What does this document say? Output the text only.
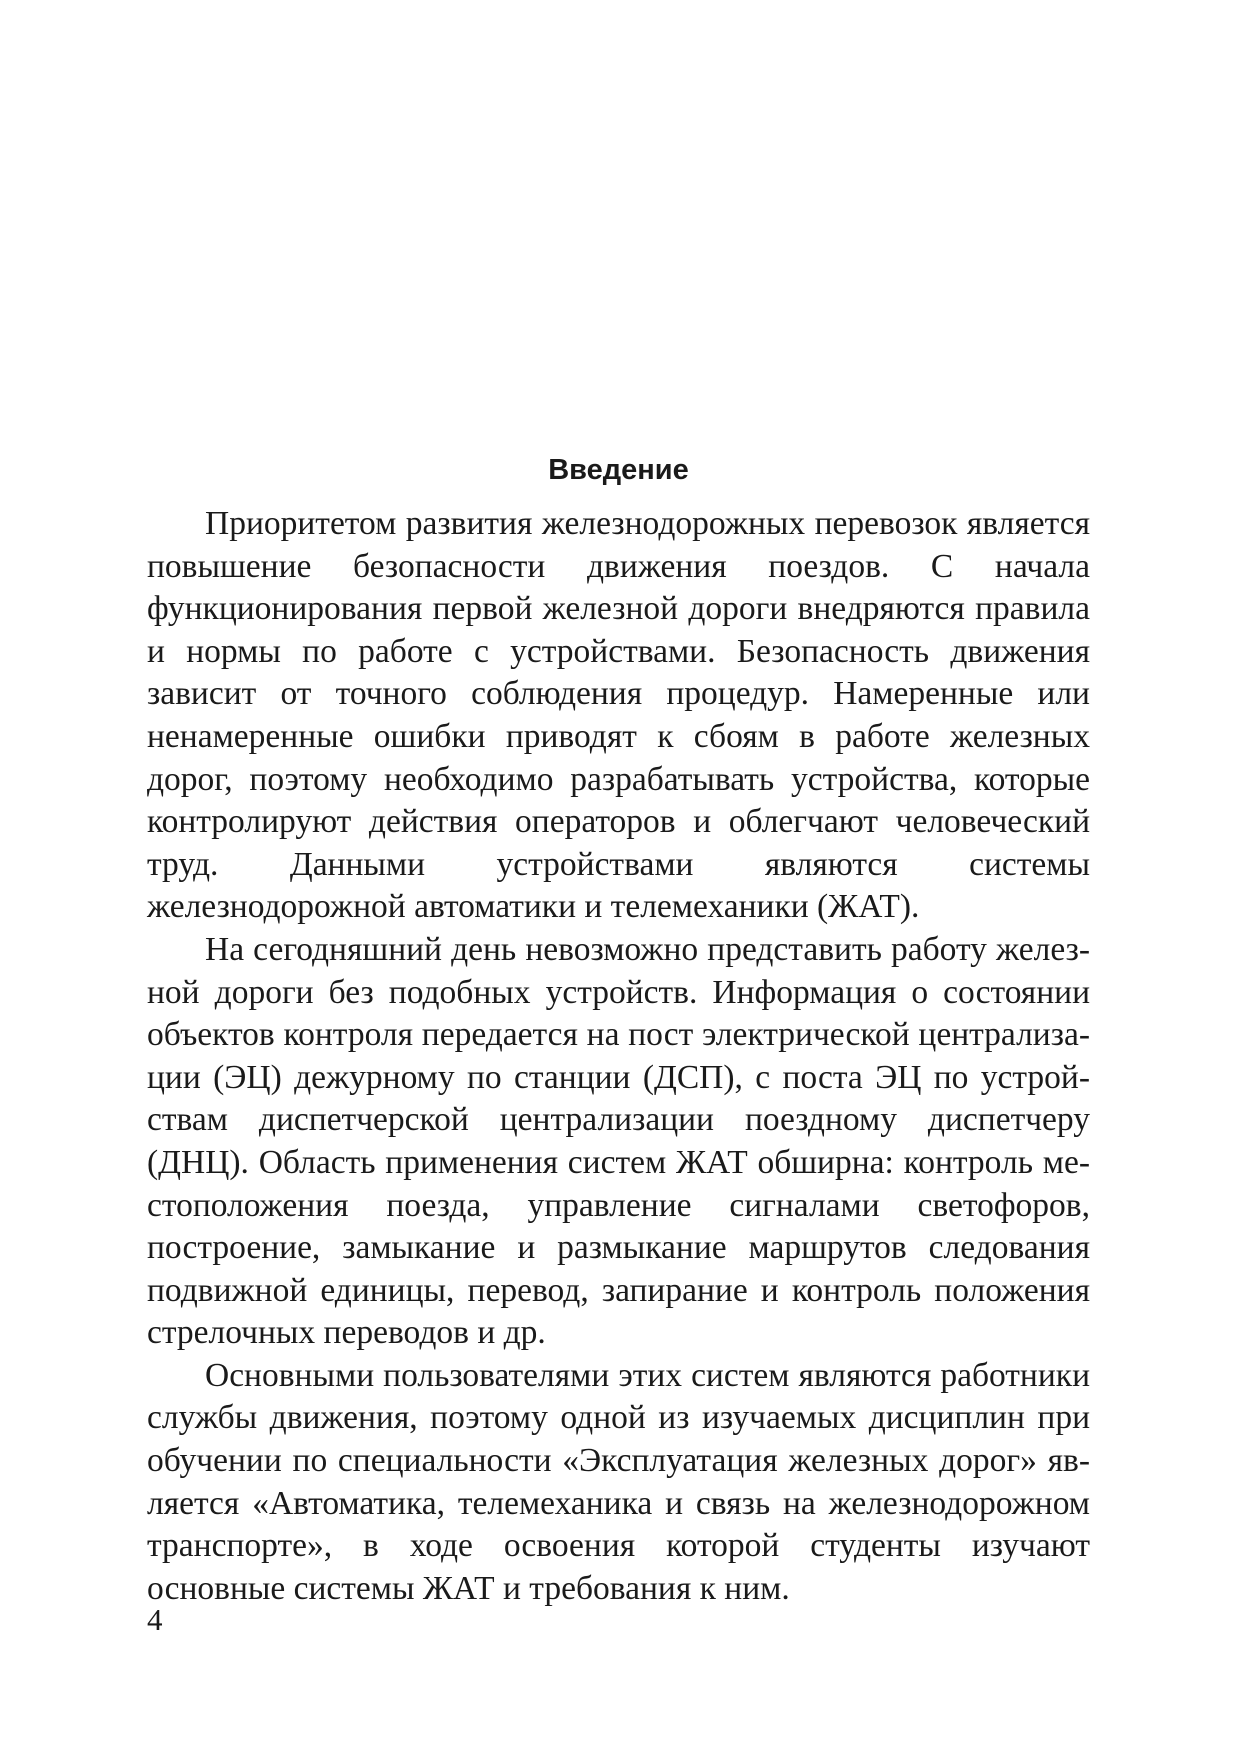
Введение

Приоритетом развития железнодорожных перевозок является повышение безопасности движения поездов. С начала функционирования первой железной дороги внедряются правила и нормы по работе с устройствами. Безопасность движения зависит от точного соблюдения процедур. Намеренные или ненамеренные ошибки приводят к сбоям в работе железных дорог, поэтому необходимо разрабатывать устройства, которые контролируют действия операторов и облегчают человеческий труд. Данными устройствами являются системы железнодорожной автоматики и телемеханики (ЖАТ).

На сегодняшний день невозможно представить работу железной дороги без подобных устройств. Информация о состоянии объектов контроля передается на пост электрической централизации (ЭЦ) дежурному по станции (ДСП), с поста ЭЦ по устройствам диспетчерской централизации поездному диспетчеру (ДНЦ). Область применения систем ЖАТ обширна: контроль местоположения поезда, управление сигналами светофоров, построение, замыкание и размыкание маршрутов следования подвижной единицы, перевод, запирание и контроль положения стрелочных переводов и др.

Основными пользователями этих систем являются работники службы движения, поэтому одной из изучаемых дисциплин при обучении по специальности «Эксплуатация железных дорог» является «Автоматика, телемеханика и связь на железнодорожном транспорте», в ходе освоения которой студенты изучают основные системы ЖАТ и требования к ним.

4
